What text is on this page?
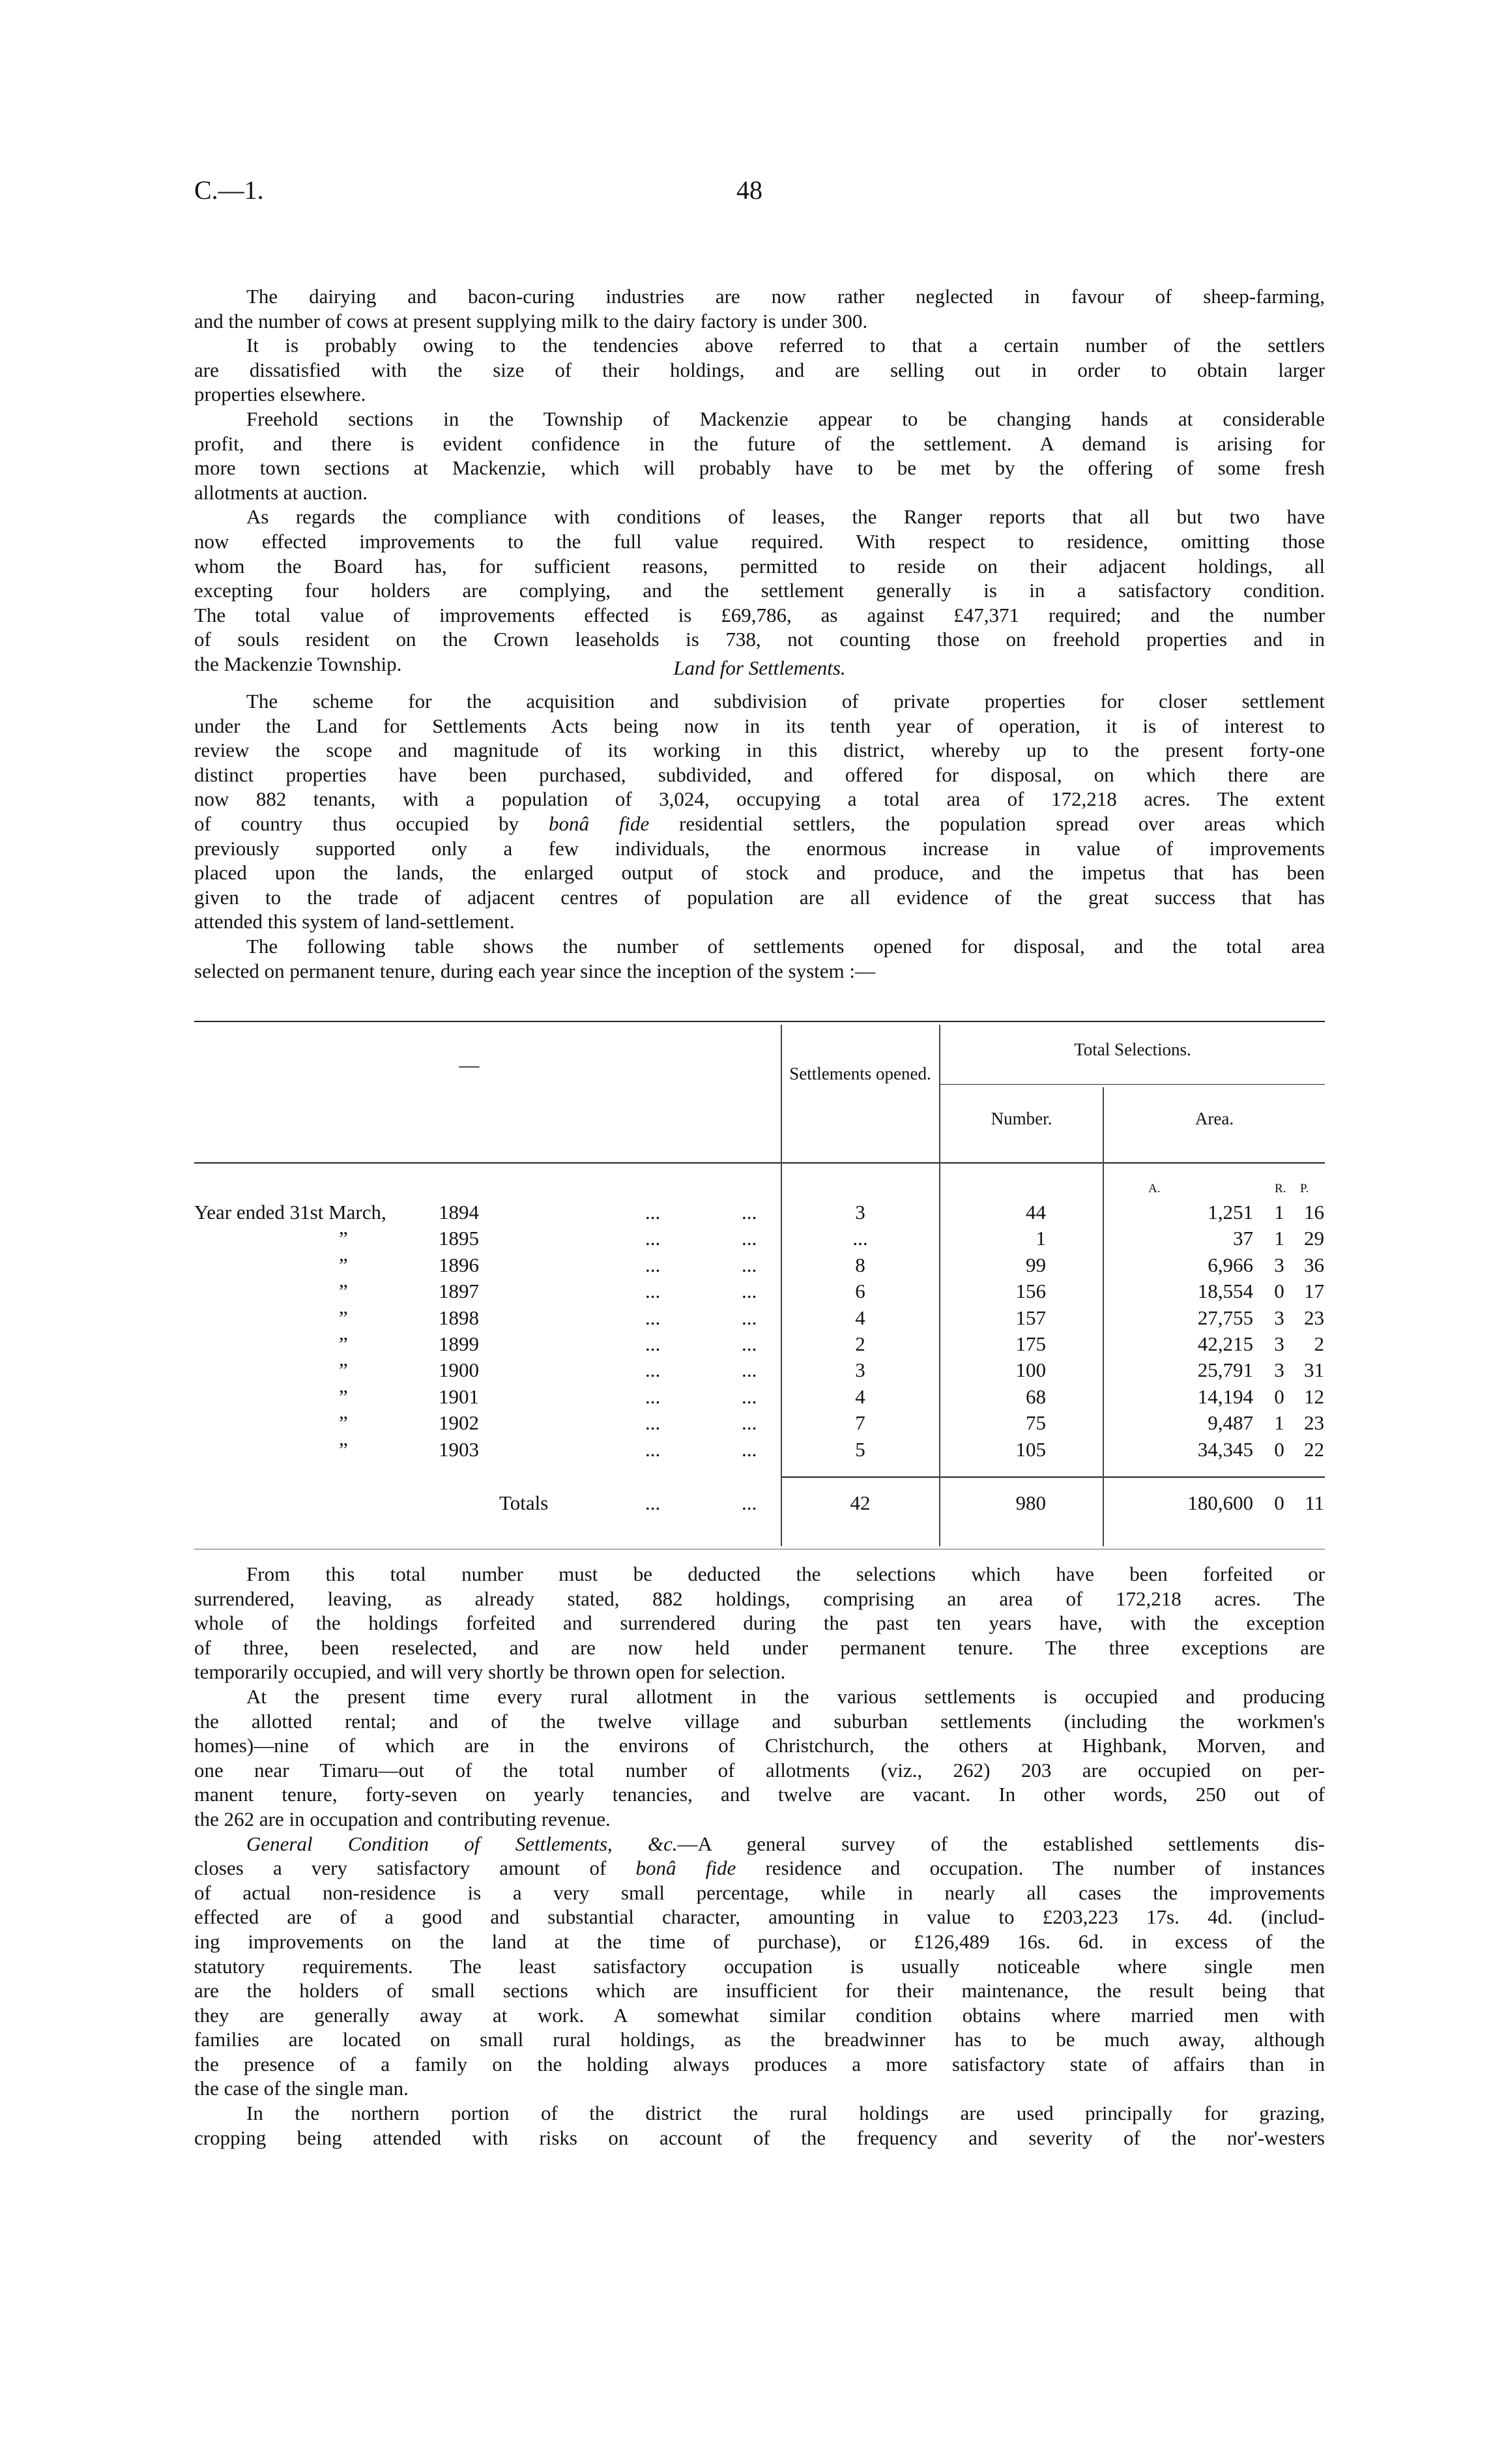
C.—1.	48
The dairying and bacon-curing industries are now rather neglected in favour of sheep-farming,
and the number of cows at present supplying milk to the dairy factory is under 300.
It is probably owing to the tendencies above referred to that a certain number of the settlers
are dissatisfied with the size of their holdings, and are selling out in order to obtain larger
properties elsewhere.
Freehold sections in the Township of Mackenzie appear to be changing hands at considerable
profit, and there is evident confidence in the future of the settlement. A demand is arising for
more town sections at Mackenzie, which will probably have to be met by the offering of some fresh
allotments at auction.
As regards the compliance with conditions of leases, the Ranger reports that all but two have
now effected improvements to the full value required. With respect to residence, omitting those
whom the Board has, for sufficient reasons, permitted to reside on their adjacent holdings, all
excepting four holders are complying, and the settlement generally is in a satisfactory condition.
The total value of improvements effected is £69,786, as against £47,371 required; and the number
of souls resident on the Crown leaseholds is 738, not counting those on freehold properties and in
the Mackenzie Township.	Land for Settlements.
The scheme for the acquisition and subdivision of private properties for closer settlement
under the Land for Settlements Acts being now in its tenth year of operation, it is of interest to
review the scope and magnitude of its working in this district, whereby up to the present forty-one
distinct properties have been purchased, subdivided, and offered for disposal, on which there are
now 882 tenants, with a population of 3,024, occupying a total area of 172,218 acres. The extent
of country thus occupied by bonâ fide residential settlers, the population spread over areas which
previously supported only a few individuals, the enormous increase in value of improvements
placed upon the lands, the enlarged output of stock and produce, and the impetus that has been
given to the trade of adjacent centres of population are all evidence of the great success that has
attended this system of land-settlement.
The following table shows the number of settlements opened for disposal, and the total area
selected on permanent tenure, during each year since the inception of the system :—
—	Settlements opened.
Total Selections.
Number.	Area.
A.	R. P.
Year ended 31st March,	1894	...	...	3	44	1,251 1 16
”	1895	...	...	...	1	37 1 29
”	1896	...	...	8	99	6,966 3 36
”	1897	...	...	6	156	18,554 0 17
”	1898	...	...	4	157	27,755 3 23
”	1899	...	...	2	175	42,215 3	2
”	1900	...	...	3	100	25,791 3 31
”	1901	...	...	4	68	14,194 0 12
”	1902	...	...	7	75	9,487 1 23
”	1903	...	...	5	105	34,345 0 22
Totals	...	...	42	980	180,600 0	11
From this total number must be deducted the selections which have been forfeited or
surrendered, leaving, as already stated, 882 holdings, comprising an area of 172,218 acres. The
whole of the holdings forfeited and surrendered during the past ten years have, with the exception
of three, been reselected, and are now held under permanent tenure. The three exceptions are
temporarily occupied, and will very shortly be thrown open for selection.
At the present time every rural allotment in the various settlements is occupied and producing
the allotted rental; and of the twelve village and suburban settlements (including the workmen's
homes)—nine of which are in the environs of Christchurch, the others at Highbank, Morven, and
one near Timaru—out of the total number of allotments (viz., 262) 203 are occupied on per-
manent tenure, forty-seven on yearly tenancies, and twelve are vacant. In other words, 250 out of
the 262 are in occupation and contributing revenue.
General Condition of Settlements, &c.—A general survey of the established settlements dis-
closes a very satisfactory amount of bonâ fide residence and occupation. The number of instances
of actual non-residence is a very small percentage, while in nearly all cases the improvements
effected are of a good and substantial character, amounting in value to £203,223 17s. 4d. (includ-
ing improvements on the land at the time of purchase), or £126,489 16s. 6d. in excess of the
statutory requirements. The least satisfactory occupation is usually noticeable where single men
are the holders of small sections which are insufficient for their maintenance, the result being that
they are generally away at work. A somewhat similar condition obtains where married men with
families are located on small rural holdings, as the breadwinner has to be much away, although
the presence of a family on the holding always produces a more satisfactory state of affairs than in
the case of the single man.
In the northern portion of the district the rural holdings are used principally for grazing,
cropping being attended with risks on account of the frequency and severity of the nor'-westers
